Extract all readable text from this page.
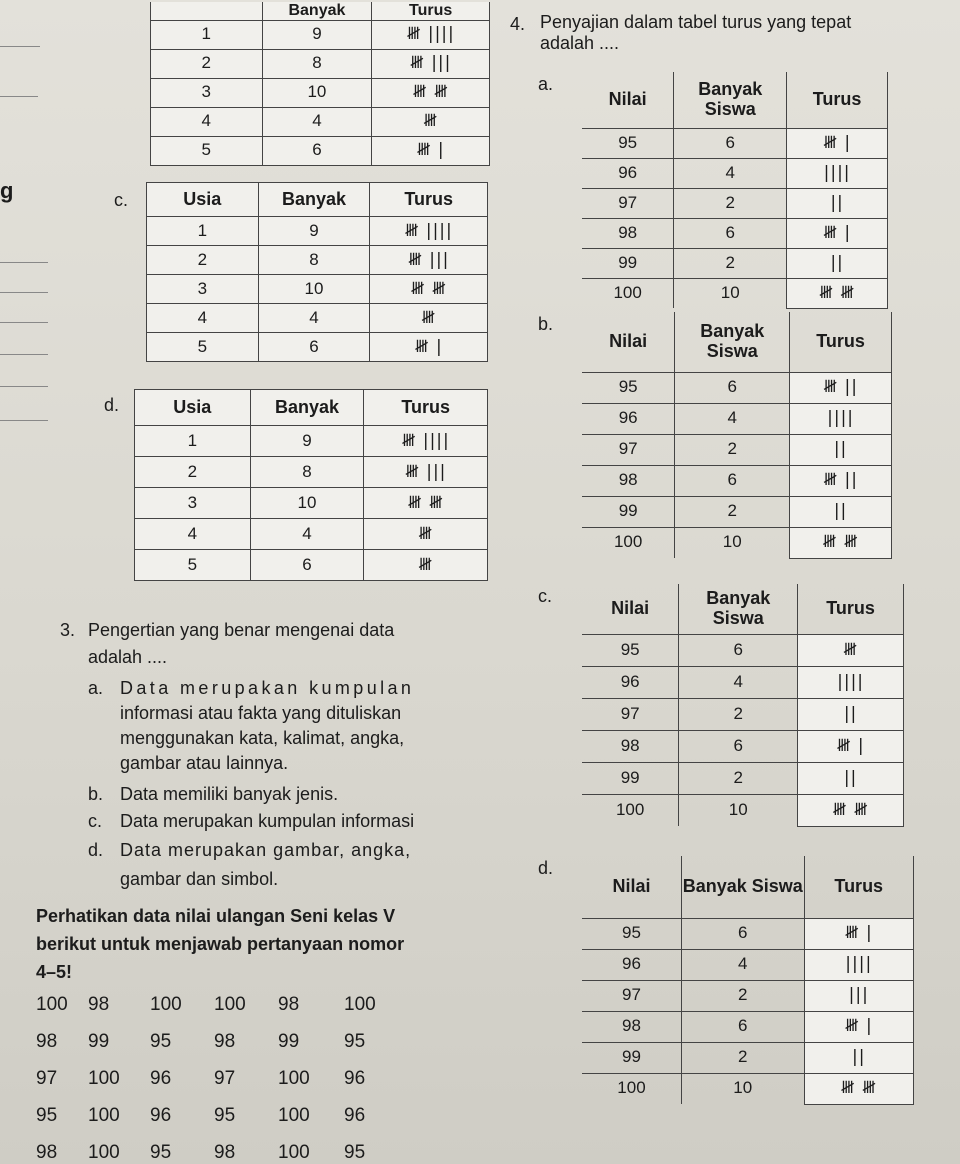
g
	Banyak	Turus
1	9	𝍸 ||||
2	8	𝍸 |||
3	10	𝍸 𝍸
4	4	𝍸
5	6	𝍸 |
c.	Usia	Banyak	Turus
1	9	𝍸 ||||
2	8	𝍸 |||
3	10	𝍸 𝍸
4	4	𝍸
5	6	𝍸 |
d.	Usia	Banyak	Turus
1	9	𝍸 ||||
2	8	𝍸 |||
3	10	𝍸 𝍸
4	4	𝍸
5	6	𝍸
3. Pengertian yang benar mengenai data
adalah ....
a. Data merupakan kumpulan
informasi atau fakta yang dituliskan
menggunakan kata, kalimat, angka,
gambar atau lainnya.
b. Data memiliki banyak jenis.
c. Data merupakan kumpulan informasi
d. Data merupakan gambar, angka,
gambar dan simbol.
Perhatikan data nilai ulangan Seni kelas V
berikut untuk menjawab pertanyaan nomor
4–5!
100 98 100 100 98 100
98 99 95 98 99 95
97 100 96 97 100 96
95 100 96 95 100 96
98 100 95 98 100 95
4. Penyajian dalam tabel turus yang tepat
adalah ....
a.
Nilai	Banyak Siswa	Turus
95	6	𝍸 |
96	4	||||
97	2	||
98	6	𝍸 |
99	2	||
100	10	𝍸 𝍸
b.
Nilai	Banyak Siswa	Turus
95	6	𝍸 ||
96	4	||||
97	2	||
98	6	𝍸 ||
99	2	||
100	10	𝍸 𝍸
c.
Nilai	Banyak Siswa	Turus
95	6	𝍸
96	4	||||
97	2	||
98	6	𝍸 |
99	2	||
100	10	𝍸 𝍸
d.
Nilai	Banyak Siswa	Turus
95	6	𝍸 |
96	4	||||
97	2	|||
98	6	𝍸 |
99	2	||
100	10	𝍸 𝍸
